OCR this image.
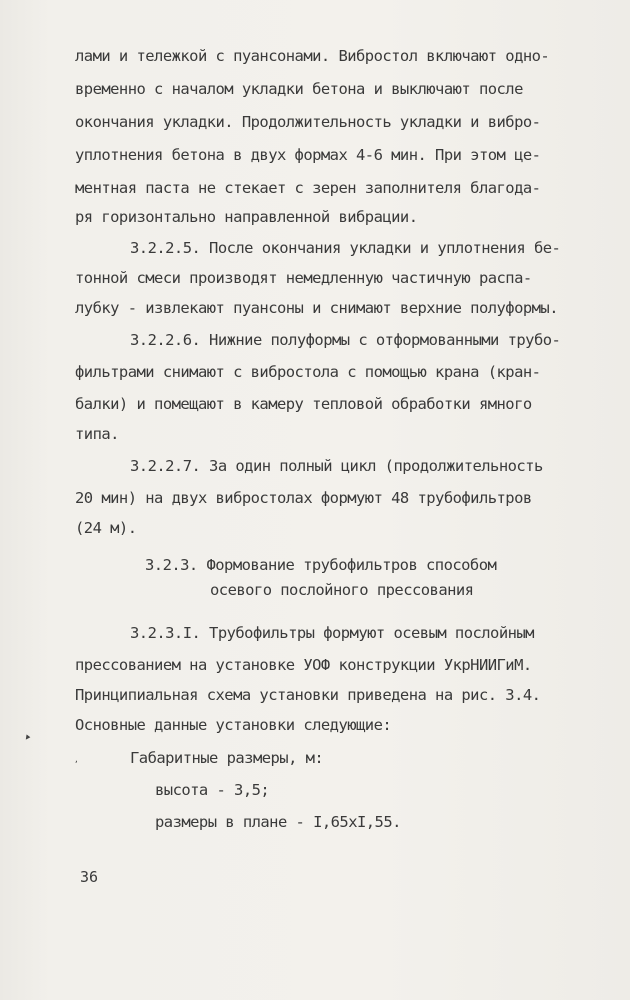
лами и тележкой с пуансонами. Вибростол включают одно-
временно с началом укладки бетона и выключают после
окончания укладки. Продолжительность укладки и вибро-
уплотнения бетона в двух формах 4-6 мин. При этом це-
ментная паста не стекает с зерен заполнителя благода-
ря горизонтально направленной вибрации.
3.2.2.5. После окончания укладки и уплотнения бе-
тонной смеси производят немедленную частичную распа-
лубку - извлекают пуансоны и снимают верхние полуформы.
3.2.2.6. Нижние полуформы с отформованными трубо-
фильтрами снимают с вибростола с помощью крана (кран-
балки) и помещают в камеру тепловой обработки ямного
типа.
3.2.2.7. За один полный цикл (продолжительность
20 мин) на двух вибростолах формуют 48 трубофильтров
(24 м).
3.2.3. Формование трубофильтров способом
осевого послойного прессования
3.2.3.I. Трубофильтры формуют осевым послойным
прессованием на установке УОФ конструкции УкрНИИГиМ.
Принципиальная схема установки приведена на рис. 3.4.
Основные данные установки следующие:
Габаритные размеры, м:
высота - 3,5;
размеры в плане - I,65xI,55.
36
▾
,
